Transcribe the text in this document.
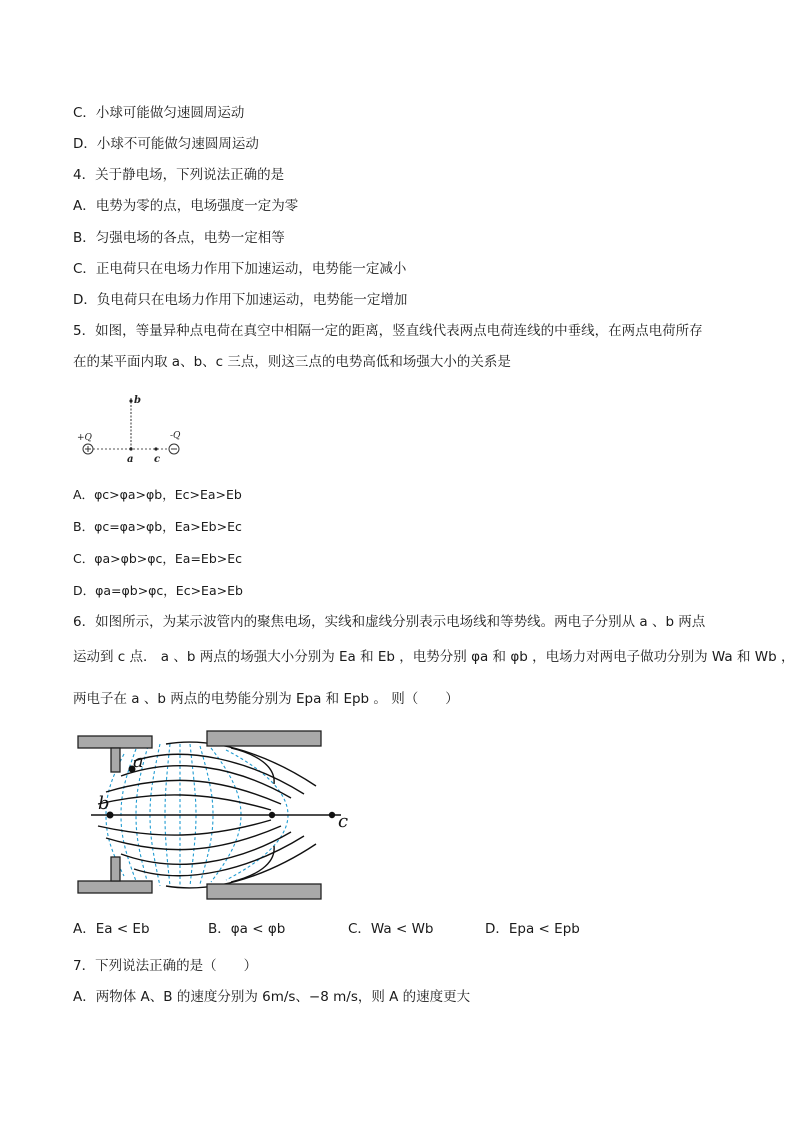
C．小球可能做匀速圆周运动
D．小球不可能做匀速圆周运动
4．关于静电场，下列说法正确的是
A．电势为零的点，电场强度一定为零
B．匀强电场的各点，电势一定相等
C．正电荷只在电场力作用下加速运动，电势能一定减小
D．负电荷只在电场力作用下加速运动，电势能一定增加
5．如图，等量异种点电荷在真空中相隔一定的距离，竖直线代表两点电荷连线的中垂线，在两点电荷所存
在的某平面内取 a、b、c 三点，则这三点的电势高低和场强大小的关系是
+Q	-Q
b
a c
A．φc>φa>φb，Ec>Ea>Eb
B．φc=φa>φb，Ea>Eb>Ec
C．φa>φb>φc，Ea=Eb>Ec
D．φa=φb>φc，Ec>Ea>Eb
6．如图所示，为某示波管内的聚焦电场，实线和虚线分别表示电场线和等势线。两电子分别从 a 、b 两点
运动到 c 点． a 、b 两点的场强大小分别为 Ea 和 Eb ，电势分别 φa 和 φb ，电场力对两电子做功分别为 Wa 和 Wb ，
两电子在 a 、b 两点的电势能分别为 Epa 和 Epb 。 则（　　）
a
b
c
A．Ea < Eb	B．φa < φb	C．Wa < Wb	D．Epa < Epb
7．下列说法正确的是（　　）
A．两物体 A、B 的速度分别为 6m/s、−8 m/s，则 A 的速度更大
